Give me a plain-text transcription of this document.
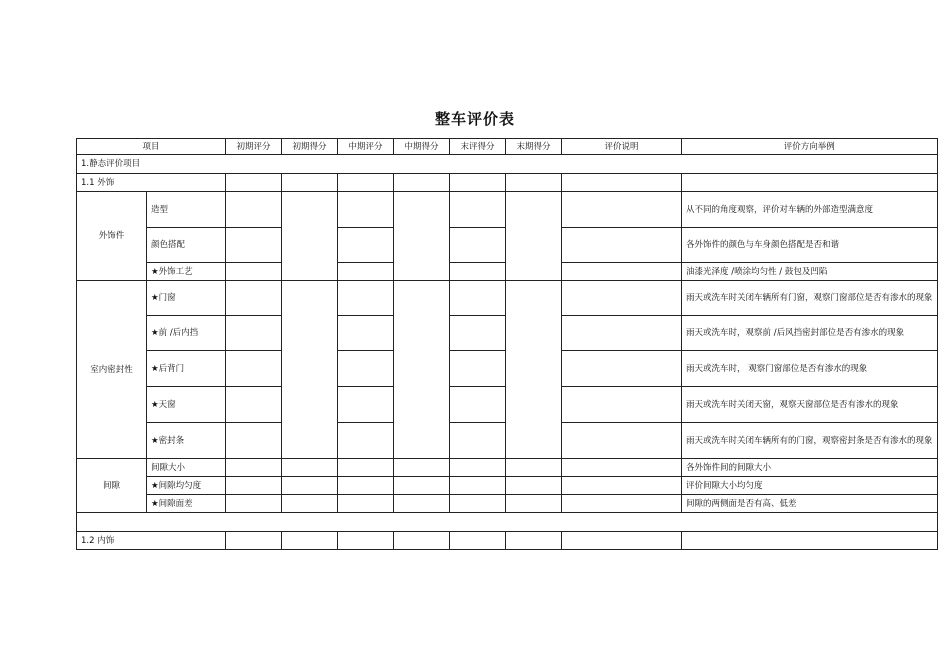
整车评价表
项目		初期评分	初期得分	中期评分	中期得分	末评得分	末期得分	评价说明	评价方向举例
1.静态评价项目									
1.1 外饰									
外饰件	造型								从不同的角度观察，评价对车辆的外部造型满意度
	颜色搭配								各外饰件的颜色与车身颜色搭配是否和谐
	★外饰工艺								油漆光泽度 /喷涂均匀性 / 鼓包及凹陷
室内密封性	★门窗								雨天或洗车时关闭车辆所有门窗，观察门窗部位是否有渗水的现象
	★前 /后内挡								雨天或洗车时，观察前 /后风挡密封部位是否有渗水的现象
	★后背门								雨天或洗车时， 观察门窗部位是否有渗水的现象
	★天窗								雨天或洗车时关闭天窗，观察天窗部位是否有渗水的现象
	★密封条								雨天或洗车时关闭车辆所有的门窗，观察密封条是否有渗水的现象
间隙	间隙大小								各外饰件间的间隙大小
	★间隙均匀度								评价间隙大小均匀度
	★间隙面差								间隙的两侧面是否有高、低差

1.2 内饰									
